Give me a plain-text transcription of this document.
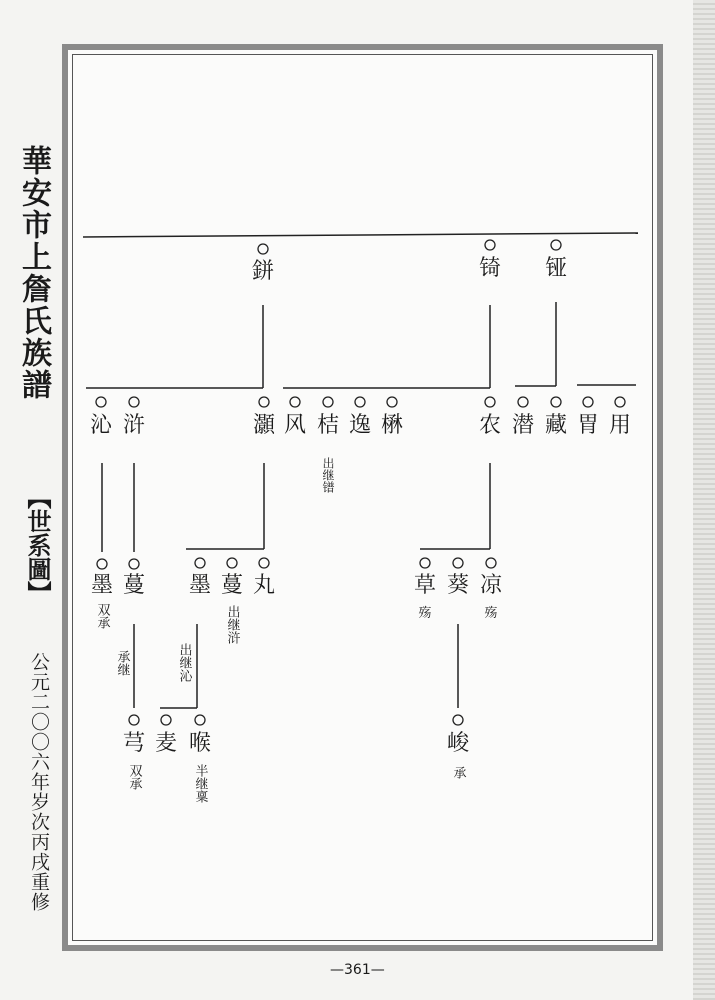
華安市上詹氏族譜
【世系圖】
公元二〇〇六年岁次丙戌重修
—361—
鉼	锜 铔
沁 浒	灝 风 桔 逸 楙	农 潜 藏 胃 用
出继镨
墨 蔓 墨 蔓 丸	草 葵 凉
双承
承继
出继浒
出继沁
殇	殇
芎 麦 喉	峻
双承	半继稟	承
